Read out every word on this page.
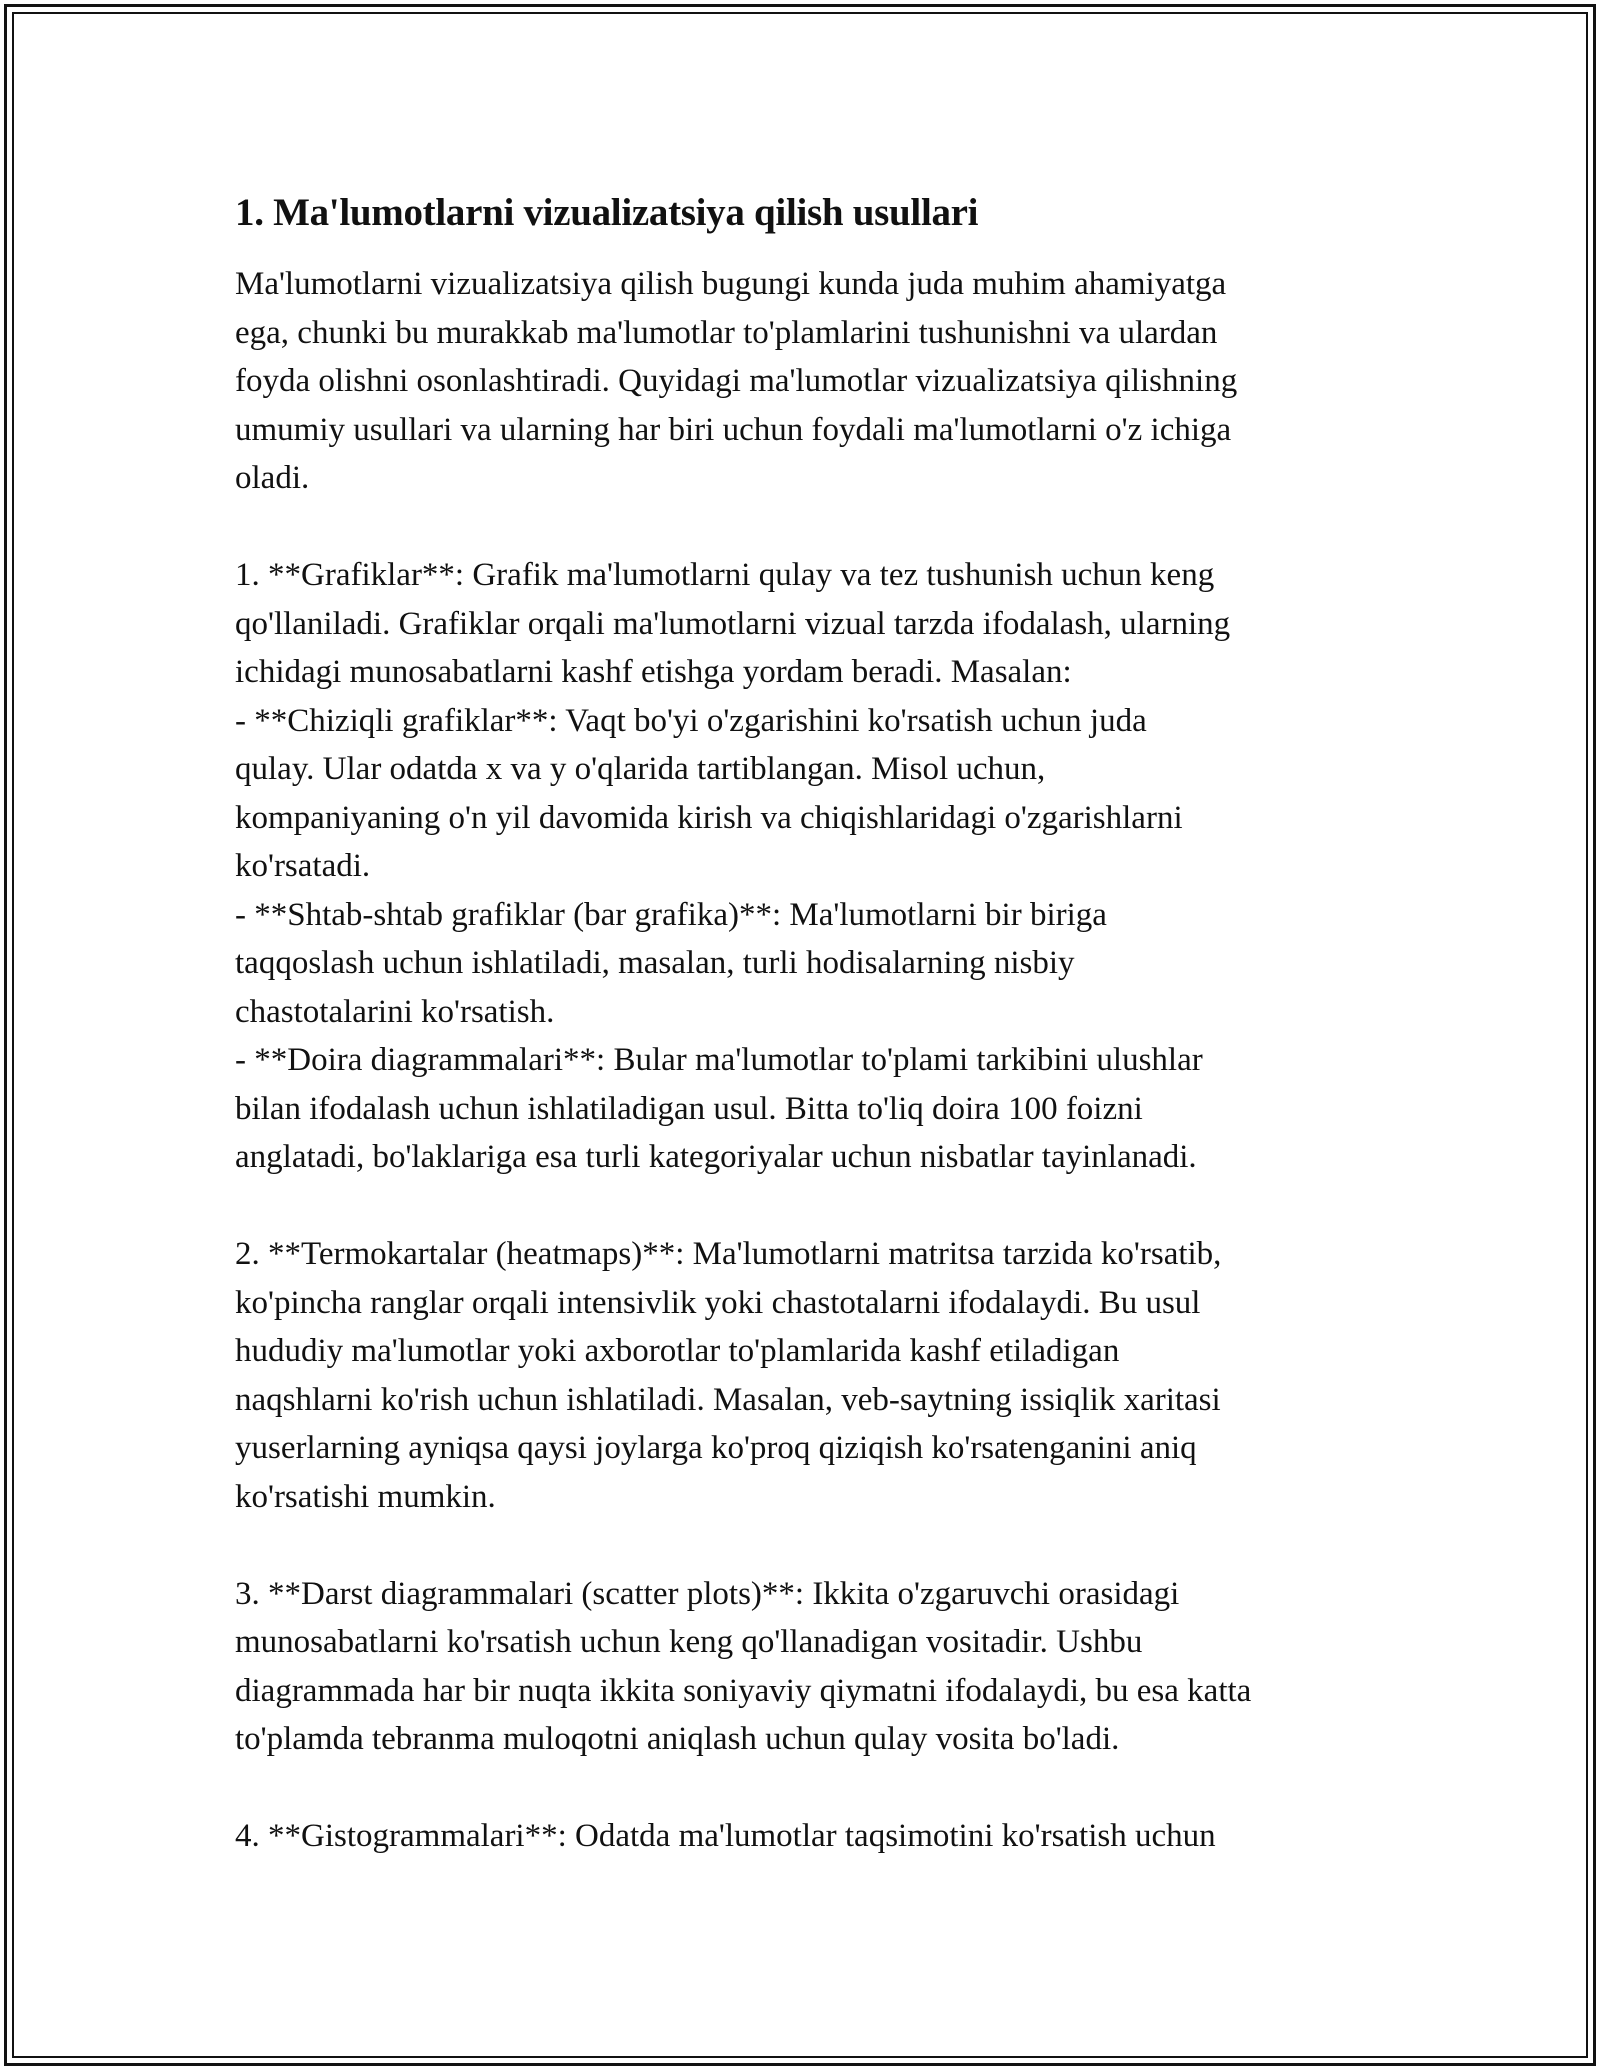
1. Ma'lumotlarni vizualizatsiya qilish usullari

Ma'lumotlarni vizualizatsiya qilish bugungi kunda juda muhim ahamiyatga
ega, chunki bu murakkab ma'lumotlar to'plamlarini tushunishni va ulardan
foyda olishni osonlashtiradi. Quyidagi ma'lumotlar vizualizatsiya qilishning
umumiy usullari va ularning har biri uchun foydali ma'lumotlarni o'z ichiga
oladi.

1. **Grafiklar**: Grafik ma'lumotlarni qulay va tez tushunish uchun keng
qo'llaniladi. Grafiklar orqali ma'lumotlarni vizual tarzda ifodalash, ularning
ichidagi munosabatlarni kashf etishga yordam beradi. Masalan:
- **Chiziqli grafiklar**: Vaqt bo'yi o'zgarishini ko'rsatish uchun juda
qulay. Ular odatda x va y o'qlarida tartiblangan. Misol uchun,
kompaniyaning o'n yil davomida kirish va chiqishlaridagi o'zgarishlarni
ko'rsatadi.
- **Shtab-shtab grafiklar (bar grafika)**: Ma'lumotlarni bir biriga
taqqoslash uchun ishlatiladi, masalan, turli hodisalarning nisbiy
chastotalarini ko'rsatish.
- **Doira diagrammalari**: Bular ma'lumotlar to'plami tarkibini ulushlar
bilan ifodalash uchun ishlatiladigan usul. Bitta to'liq doira 100 foizni
anglatadi, bo'laklariga esa turli kategoriyalar uchun nisbatlar tayinlanadi.

2. **Termokartalar (heatmaps)**: Ma'lumotlarni matritsa tarzida ko'rsatib,
ko'pincha ranglar orqali intensivlik yoki chastotalarni ifodalaydi. Bu usul
hududiy ma'lumotlar yoki axborotlar to'plamlarida kashf etiladigan
naqshlarni ko'rish uchun ishlatiladi. Masalan, veb-saytning issiqlik xaritasi
yuserlarning ayniqsa qaysi joylarga ko'proq qiziqish ko'rsatenganini aniq
ko'rsatishi mumkin.

3. **Darst diagrammalari (scatter plots)**: Ikkita o'zgaruvchi orasidagi
munosabatlarni ko'rsatish uchun keng qo'llanadigan vositadir. Ushbu
diagrammada har bir nuqta ikkita soniyaviy qiymatni ifodalaydi, bu esa katta
to'plamda tebranma muloqotni aniqlash uchun qulay vosita bo'ladi.

4. **Gistogrammalari**: Odatda ma'lumotlar taqsimotini ko'rsatish uchun
